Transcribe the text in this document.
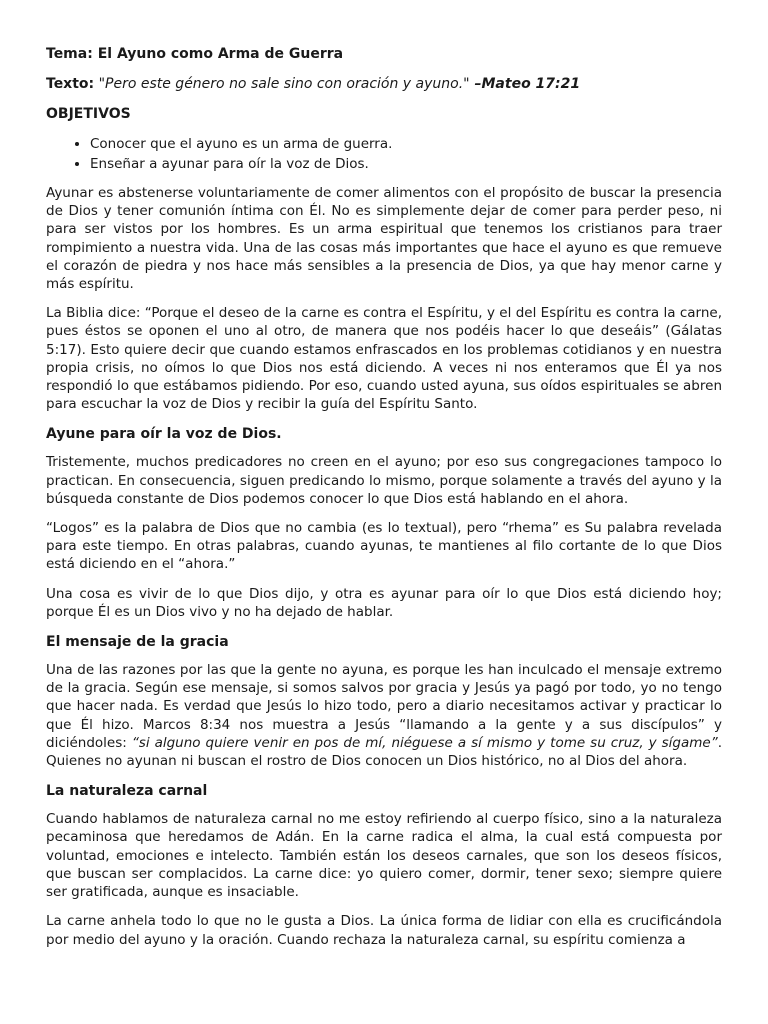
Tema: El Ayuno como Arma de Guerra

Texto: "Pero este género no sale sino con oración y ayuno." –Mateo 17:21

OBJETIVOS

• Conocer que el ayuno es un arma de guerra.
• Enseñar a ayunar para oír la voz de Dios.

Ayunar es abstenerse voluntariamente de comer alimentos con el propósito de buscar la presencia de Dios y tener comunión íntima con Él. No es simplemente dejar de comer para perder peso, ni para ser vistos por los hombres. Es un arma espiritual que tenemos los cristianos para traer rompimiento a nuestra vida. Una de las cosas más importantes que hace el ayuno es que remueve el corazón de piedra y nos hace más sensibles a la presencia de Dios, ya que hay menor carne y más espíritu.

La Biblia dice: “Porque el deseo de la carne es contra el Espíritu, y el del Espíritu es contra la carne, pues éstos se oponen el uno al otro, de manera que nos podéis hacer lo que deseáis” (Gálatas 5:17). Esto quiere decir que cuando estamos enfrascados en los problemas cotidianos y en nuestra propia crisis, no oímos lo que Dios nos está diciendo. A veces ni nos enteramos que Él ya nos respondió lo que estábamos pidiendo. Por eso, cuando usted ayuna, sus oídos espirituales se abren para escuchar la voz de Dios y recibir la guía del Espíritu Santo.

Ayune para oír la voz de Dios.

Tristemente, muchos predicadores no creen en el ayuno; por eso sus congregaciones tampoco lo practican. En consecuencia, siguen predicando lo mismo, porque solamente a través del ayuno y la búsqueda constante de Dios podemos conocer lo que Dios está hablando en el ahora.

“Logos” es la palabra de Dios que no cambia (es lo textual), pero “rhema” es Su palabra revelada para este tiempo. En otras palabras, cuando ayunas, te mantienes al filo cortante de lo que Dios está diciendo en el “ahora.”

Una cosa es vivir de lo que Dios dijo, y otra es ayunar para oír lo que Dios está diciendo hoy; porque Él es un Dios vivo y no ha dejado de hablar.

El mensaje de la gracia

Una de las razones por las que la gente no ayuna, es porque les han inculcado el mensaje extremo de la gracia. Según ese mensaje, si somos salvos por gracia y Jesús ya pagó por todo, yo no tengo que hacer nada. Es verdad que Jesús lo hizo todo, pero a diario necesitamos activar y practicar lo que Él hizo. Marcos 8:34 nos muestra a Jesús “llamando a la gente y a sus discípulos” y diciéndoles: “si alguno quiere venir en pos de mí, niéguese a sí mismo y tome su cruz, y sígame”. Quienes no ayunan ni buscan el rostro de Dios conocen un Dios histórico, no al Dios del ahora.

La naturaleza carnal

Cuando hablamos de naturaleza carnal no me estoy refiriendo al cuerpo físico, sino a la naturaleza pecaminosa que heredamos de Adán. En la carne radica el alma, la cual está compuesta por voluntad, emociones e intelecto. También están los deseos carnales, que son los deseos físicos, que buscan ser complacidos. La carne dice: yo quiero comer, dormir, tener sexo; siempre quiere ser gratificada, aunque es insaciable.

La carne anhela todo lo que no le gusta a Dios. La única forma de lidiar con ella es crucificándola por medio del ayuno y la oración. Cuando rechaza la naturaleza carnal, su espíritu comienza a
